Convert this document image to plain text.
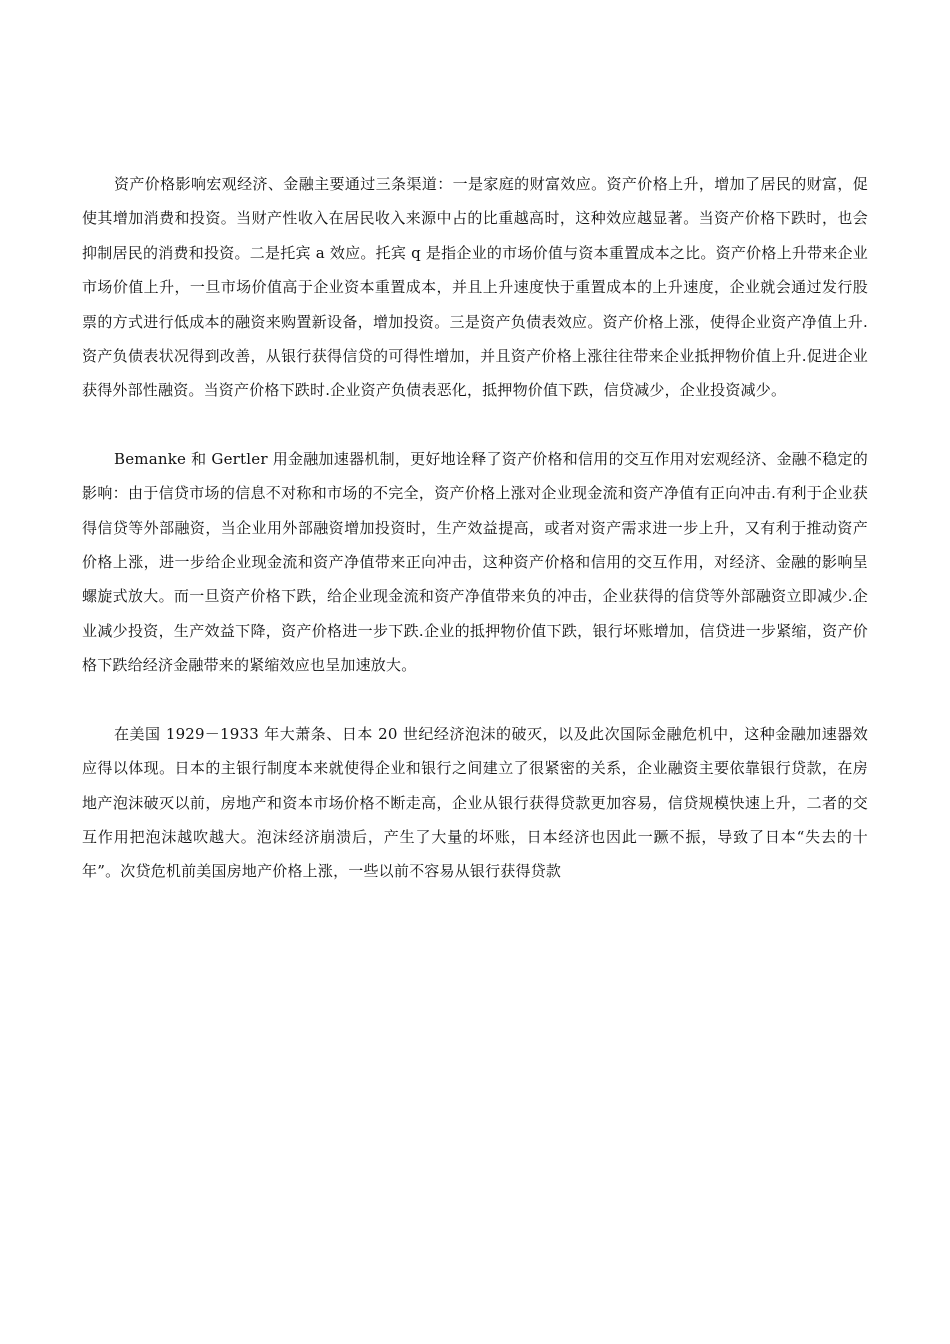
资产价格影响宏观经济、金融主要通过三条渠道：一是家庭的财富效应。资产价格上升，增加了居民的财富，促使其增加消费和投资。当财产性收入在居民收入来源中占的比重越高时，这种效应越显著。当资产价格下跌时，也会抑制居民的消费和投资。二是托宾 a 效应。托宾 q 是指企业的市场价值与资本重置成本之比。资产价格上升带来企业市场价值上升，一旦市场价值高于企业资本重置成本，并且上升速度快于重置成本的上升速度，企业就会通过发行股票的方式进行低成本的融资来购置新设备，增加投资。三是资产负债表效应。资产价格上涨，使得企业资产净值上升.资产负债表状况得到改善，从银行获得信贷的可得性增加，并且资产价格上涨往往带来企业抵押物价值上升.促进企业获得外部性融资。当资产价格下跌时.企业资产负债表恶化，抵押物价值下跌，信贷减少，企业投资减少。

Bemanke 和 Gertler 用金融加速器机制，更好地诠释了资产价格和信用的交互作用对宏观经济、金融不稳定的影响：由于信贷市场的信息不对称和市场的不完全，资产价格上涨对企业现金流和资产净值有正向冲击.有利于企业获得信贷等外部融资，当企业用外部融资增加投资时，生产效益提高，或者对资产需求进一步上升，又有利于推动资产价格上涨，进一步给企业现金流和资产净值带来正向冲击，这种资产价格和信用的交互作用，对经济、金融的影响呈螺旋式放大。而一旦资产价格下跌，给企业现金流和资产净值带来负的冲击，企业获得的信贷等外部融资立即减少.企业减少投资，生产效益下降，资产价格进一步下跌.企业的抵押物价值下跌，银行坏账增加，信贷进一步紧缩，资产价格下跌给经济金融带来的紧缩效应也呈加速放大。

在美国 1929－1933 年大萧条、日本 20 世纪经济泡沫的破灭，以及此次国际金融危机中，这种金融加速器效应得以体现。日本的主银行制度本来就使得企业和银行之间建立了很紧密的关系，企业融资主要依靠银行贷款，在房地产泡沫破灭以前，房地产和资本市场价格不断走高，企业从银行获得贷款更加容易，信贷规模快速上升，二者的交互作用把泡沫越吹越大。泡沫经济崩溃后，产生了大量的坏账，日本经济也因此一蹶不振，导致了日本“失去的十年”。次贷危机前美国房地产价格上涨，一些以前不容易从银行获得贷款
